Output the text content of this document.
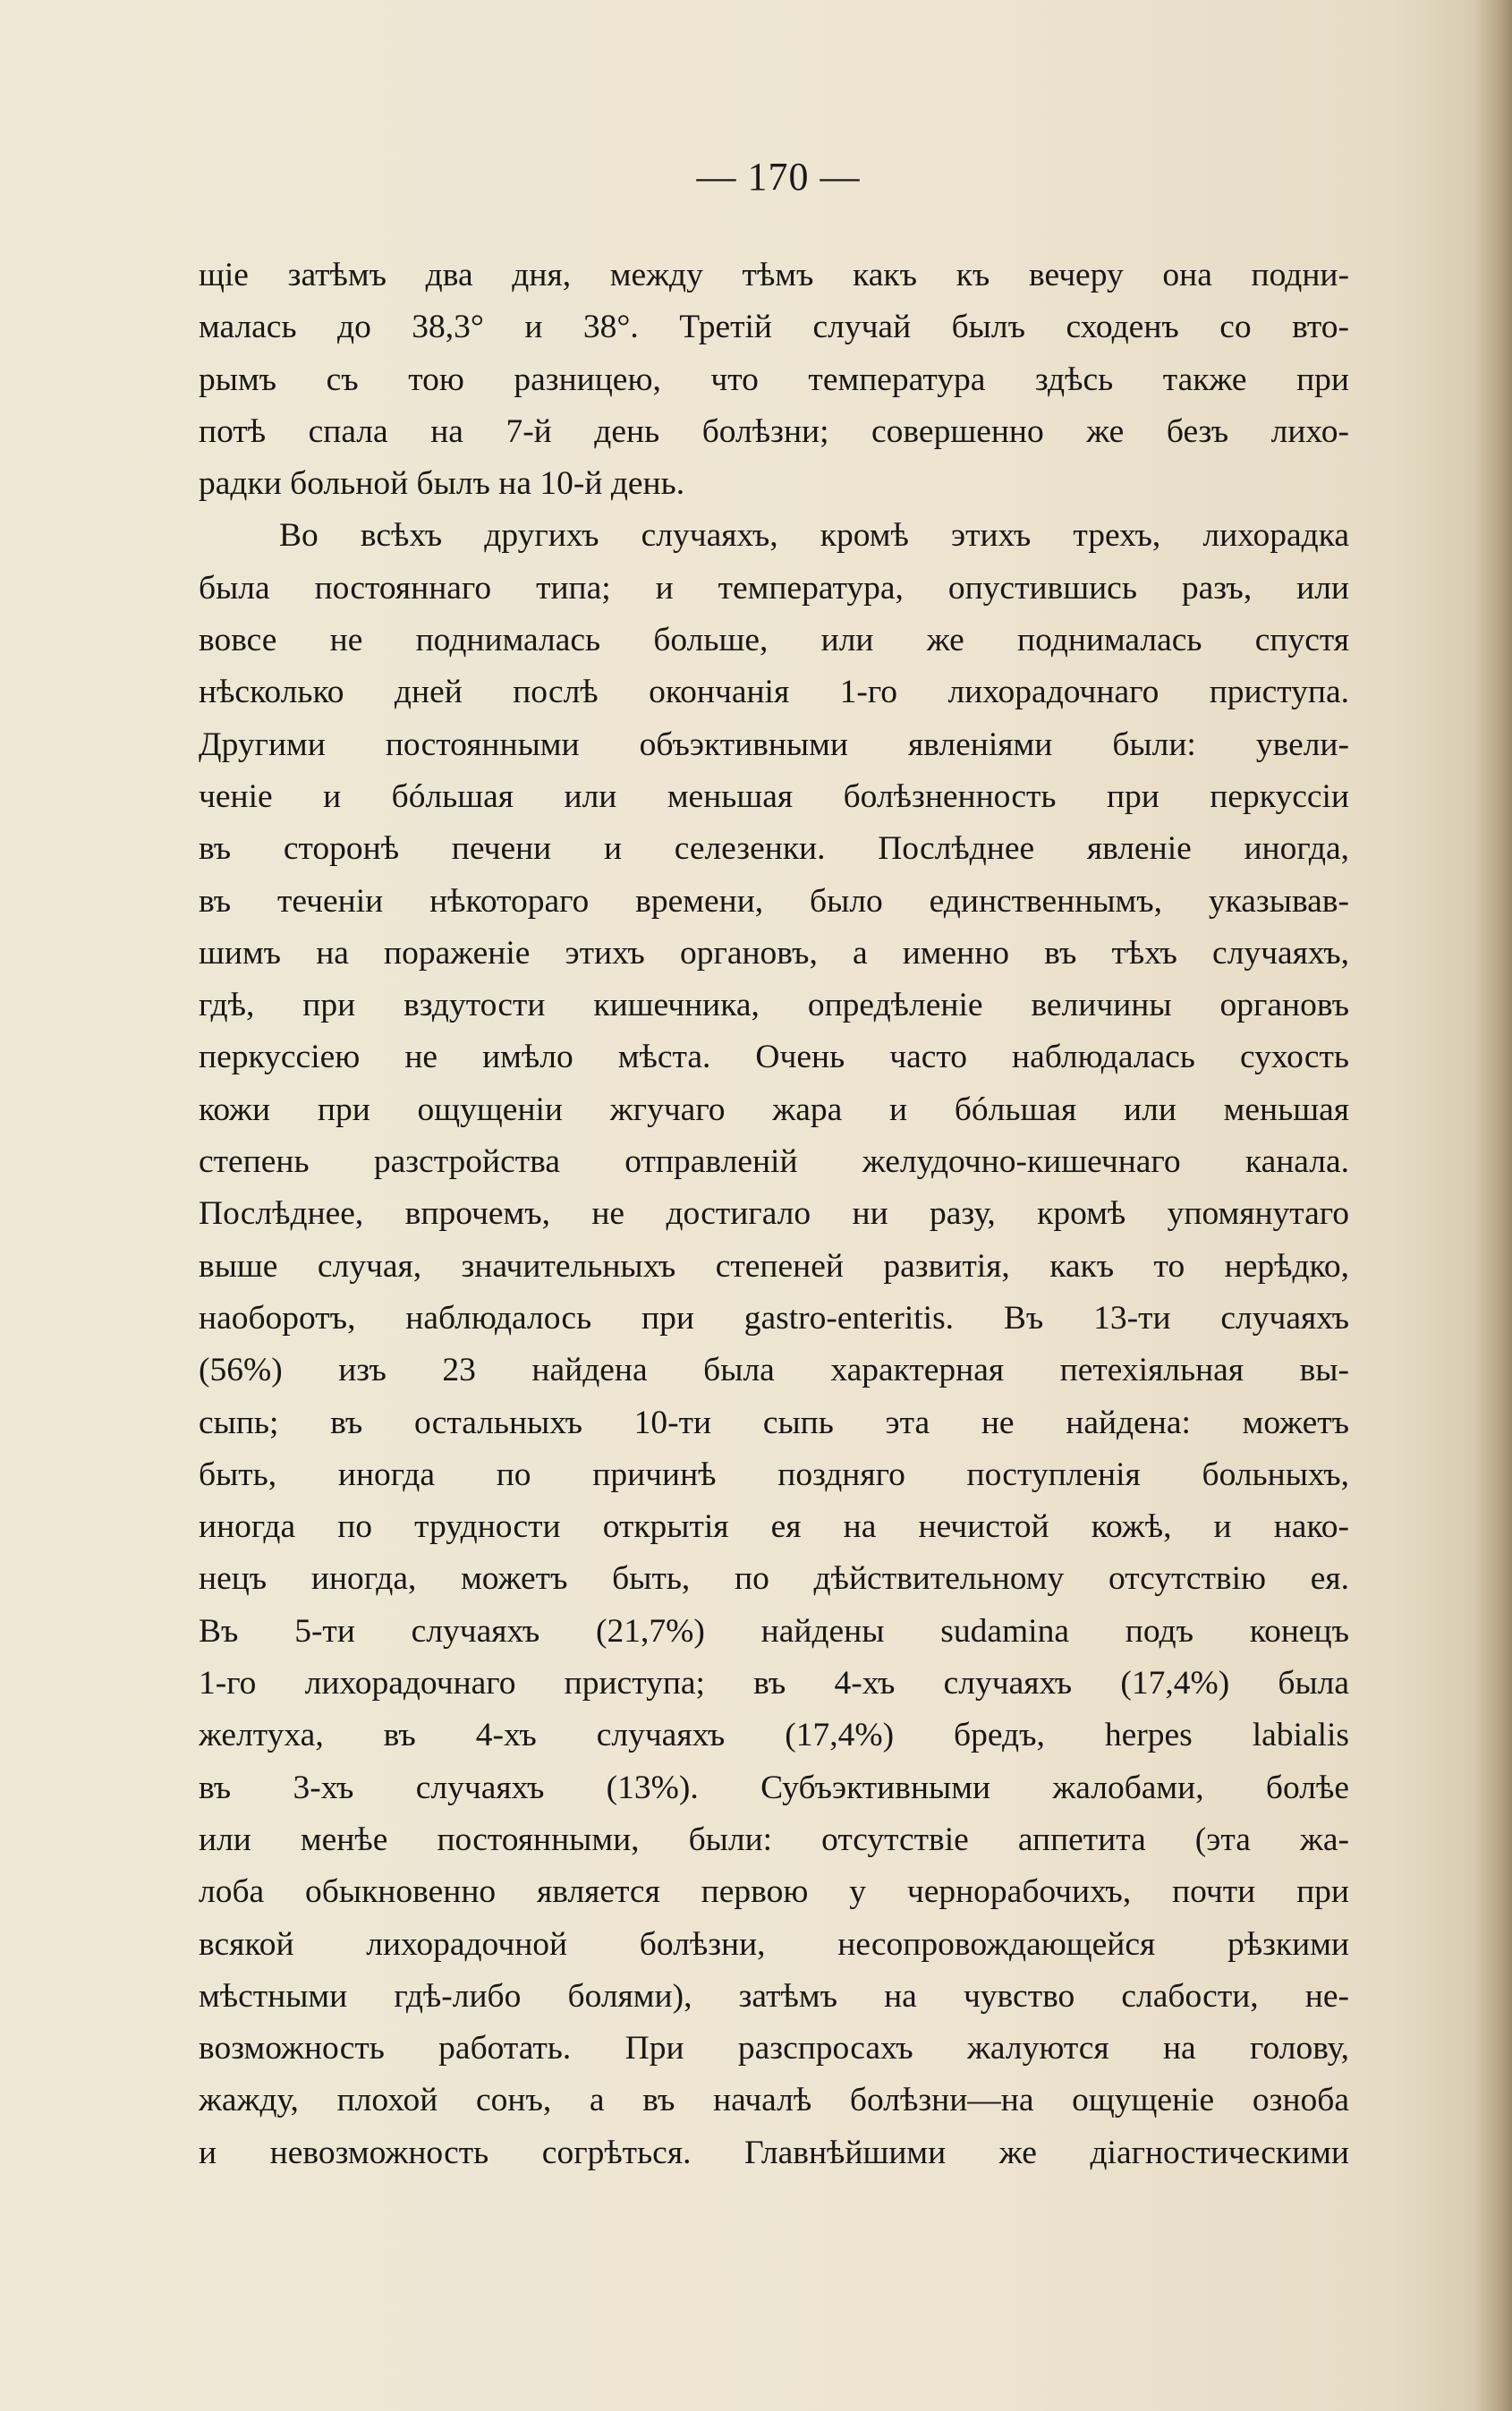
— 170 —
щіе затѣмъ два дня, между тѣмъ какъ къ вечеру она подни-
малась до 38,3° и 38°. Третій случай былъ сходенъ со вто-
рымъ съ тою разницею, что температура здѣсь также при
потѣ спала на 7-й день болѣзни; совершенно же безъ лихо-
радки больной былъ на 10-й день.
Во всѣхъ другихъ случаяхъ, кромѣ этихъ трехъ, лихорадка
была постояннаго типа; и температура, опустившись разъ, или
вовсе не поднималась больше, или же поднималась спустя
нѣсколько дней послѣ окончанія 1-го лихорадочнаго приступа.
Другими постоянными объэктивными явленіями были: увели-
ченіе и бóльшая или меньшая болѣзненность при перкуссіи
въ сторонѣ печени и селезенки. Послѣднее явленіе иногда,
въ теченіи нѣкотораго времени, было единственнымъ, указывав-
шимъ на пораженіе этихъ органовъ, а именно въ тѣхъ случаяхъ,
гдѣ, при вздутости кишечника, опредѣленіе величины органовъ
перкуссіею не имѣло мѣста. Очень часто наблюдалась сухость
кожи при ощущеніи жгучаго жара и бóльшая или меньшая
степень разстройства отправленій желудочно-кишечнаго канала.
Послѣднее, впрочемъ, не достигало ни разу, кромѣ упомянутаго
выше случая, значительныхъ степеней развитія, какъ то нерѣдко,
наоборотъ, наблюдалось при gastro-enteritis. Въ 13-ти случаяхъ
(56%) изъ 23 найдена была характерная петехіяльная вы-
сыпь; въ остальныхъ 10-ти сыпь эта не найдена: можетъ
быть, иногда по причинѣ поздняго поступленія больныхъ,
иногда по трудности открытія ея на нечистой кожѣ, и нако-
нецъ иногда, можетъ быть, по дѣйствительному отсутствію ея.
Въ 5-ти случаяхъ (21,7%) найдены sudamina подъ конецъ
1-го лихорадочнаго приступа; въ 4-хъ случаяхъ (17,4%) была
желтуха, въ 4-хъ случаяхъ (17,4%) бредъ, herpes labialis
въ 3-хъ случаяхъ (13%). Субъэктивными жалобами, болѣе
или менѣе постоянными, были: отсутствіе аппетита (эта жа-
лоба обыкновенно является первою у чернорабочихъ, почти при
всякой лихорадочной болѣзни, несопровождающейся рѣзкими
мѣстными гдѣ-либо болями), затѣмъ на чувство слабости, не-
возможность работать. При разспросахъ жалуются на голову,
жажду, плохой сонъ, а въ началѣ болѣзни—на ощущеніе озноба
и невозможность согрѣться. Главнѣйшими же діагностическими
